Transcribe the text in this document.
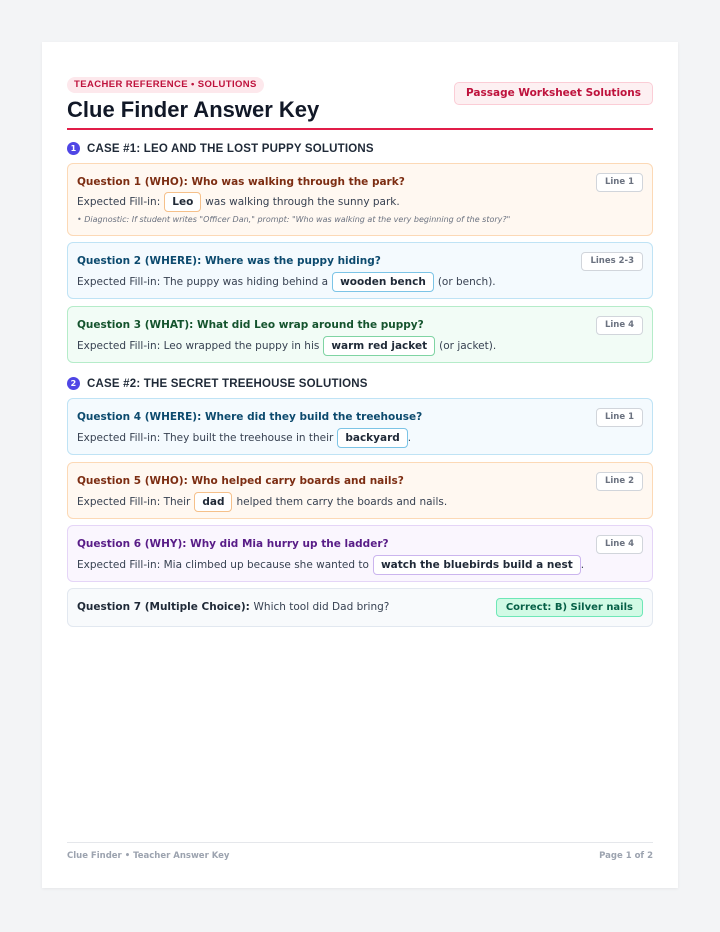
TEACHER REFERENCE • SOLUTIONS
Clue Finder Answer Key
Passage Worksheet Solutions
1 CASE #1: LEO AND THE LOST PUPPY SOLUTIONS
Question 1 (WHO): Who was walking through the park?	Line 1
Expected Fill-in:	Leo	was walking through the sunny park.
• Diagnostic: If student writes "Officer Dan," prompt: "Who was walking at the very beginning of the story?"
Question 2 (WHERE): Where was the puppy hiding?	Lines 2-3
Expected Fill-in: The puppy was hiding behind a	wooden bench	(or bench).
Question 3 (WHAT): What did Leo wrap around the puppy?	Line 4
Expected Fill-in: Leo wrapped the puppy in his	warm red jacket	(or jacket).
2 CASE #2: THE SECRET TREEHOUSE SOLUTIONS
Question 4 (WHERE): Where did they build the treehouse?	Line 1
Expected Fill-in: They built the treehouse in their	backyard .
Question 5 (WHO): Who helped carry boards and nails?	Line 2
Expected Fill-in: Their	dad	helped them carry the boards and nails.
Question 6 (WHY): Why did Mia hurry up the ladder?	Line 4
Expected Fill-in: Mia climbed up because she wanted to	watch the bluebirds build a nest .
Question 7 (Multiple Choice): Which tool did Dad bring?	Correct: B) Silver nails
Clue Finder • Teacher Answer Key	Page 1 of 2
